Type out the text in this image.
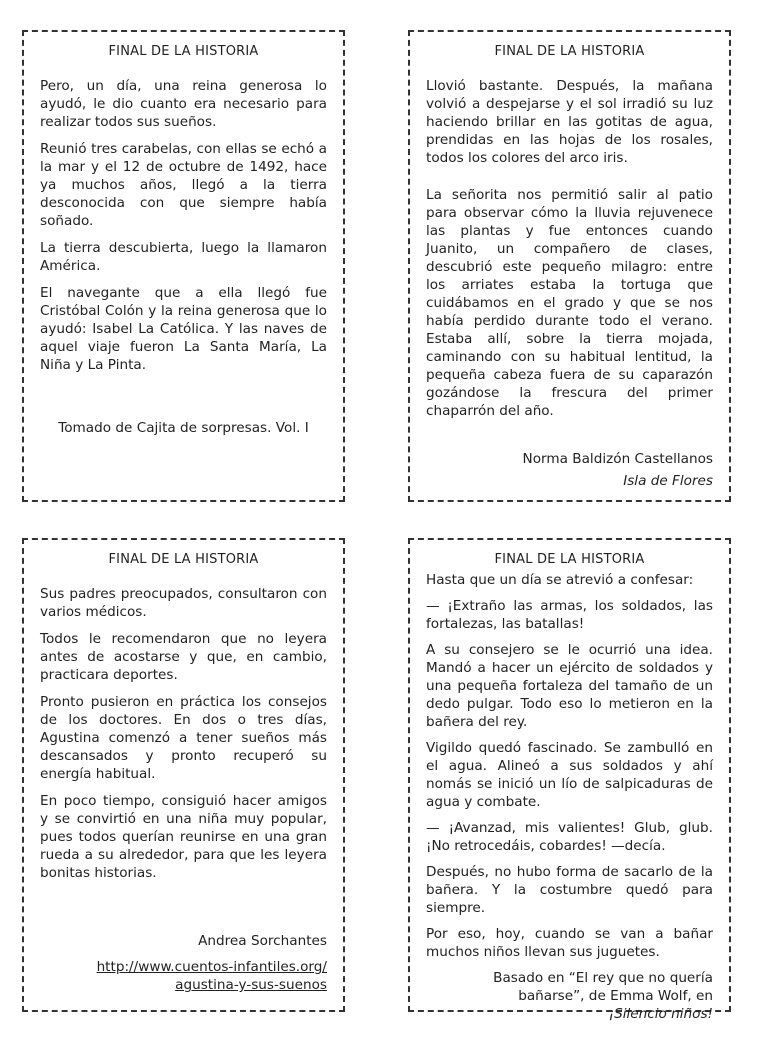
FINAL DE LA HISTORIA

Pero, un día, una reina generosa lo ayudó, le dio cuanto era necesario para realizar todos sus sueños.

Reunió tres carabelas, con ellas se echó a la mar y el 12 de octubre de 1492, hace ya muchos años, llegó a la tierra desconocida con que siempre había soñado.

La tierra descubierta, luego la llamaron América.

El navegante que a ella llegó fue Cristóbal Colón y la reina generosa que lo ayudó: Isabel La Católica. Y las naves de aquel viaje fueron La Santa María, La Niña y La Pinta.

Tomado de Cajita de sorpresas. Vol. I
FINAL DE LA HISTORIA

Llovió bastante. Después, la mañana volvió a despejarse y el sol irradió su luz haciendo brillar en las gotitas de agua, prendidas en las hojas de los rosales, todos los colores del arco iris.

La señorita nos permitió salir al patio para observar cómo la lluvia rejuvenece las plantas y fue entonces cuando Juanito, un compañero de clases, descubrió este pequeño milagro: entre los arriates estaba la tortuga que cuidábamos en el grado y que se nos había perdido durante todo el verano. Estaba allí, sobre la tierra mojada, caminando con su habitual lentitud, la pequeña cabeza fuera de su caparazón gozándose la frescura del primer chaparrón del año.

Norma Baldizón Castellanos
Isla de Flores
FINAL DE LA HISTORIA

Sus padres preocupados, consultaron con varios médicos.

Todos le recomendaron que no leyera antes de acostarse y que, en cambio, practicara deportes.

Pronto pusieron en práctica los consejos de los doctores. En dos o tres días, Agustina comenzó a tener sueños más descansados y pronto recuperó su energía habitual.

En poco tiempo, consiguió hacer amigos y se convirtió en una niña muy popular, pues todos querían reunirse en una gran rueda a su alrededor, para que les leyera bonitas historias.

Andrea Sorchantes
http://www.cuentos-infantiles.org/
agustina-y-sus-suenos
FINAL DE LA HISTORIA

Hasta que un día se atrevió a confesar:

— ¡Extraño las armas, los soldados, las fortalezas, las batallas!

A su consejero se le ocurrió una idea. Mandó a hacer un ejército de soldados y una pequeña fortaleza del tamaño de un dedo pulgar. Todo eso lo metieron en la bañera del rey.

Vigildo quedó fascinado. Se zambulló en el agua. Alineó a sus soldados y ahí nomás se inició un lío de salpicaduras de agua y combate.

— ¡Avanzad, mis valientes! Glub, glub. ¡No retrocedáis, cobardes! —decía.

Después, no hubo forma de sacarlo de la bañera. Y la costumbre quedó para siempre.

Por eso, hoy, cuando se van a bañar muchos niños llevan sus juguetes.

Basado en “El rey que no quería
bañarse”, de Emma Wolf, en
¡Silencio niños!
